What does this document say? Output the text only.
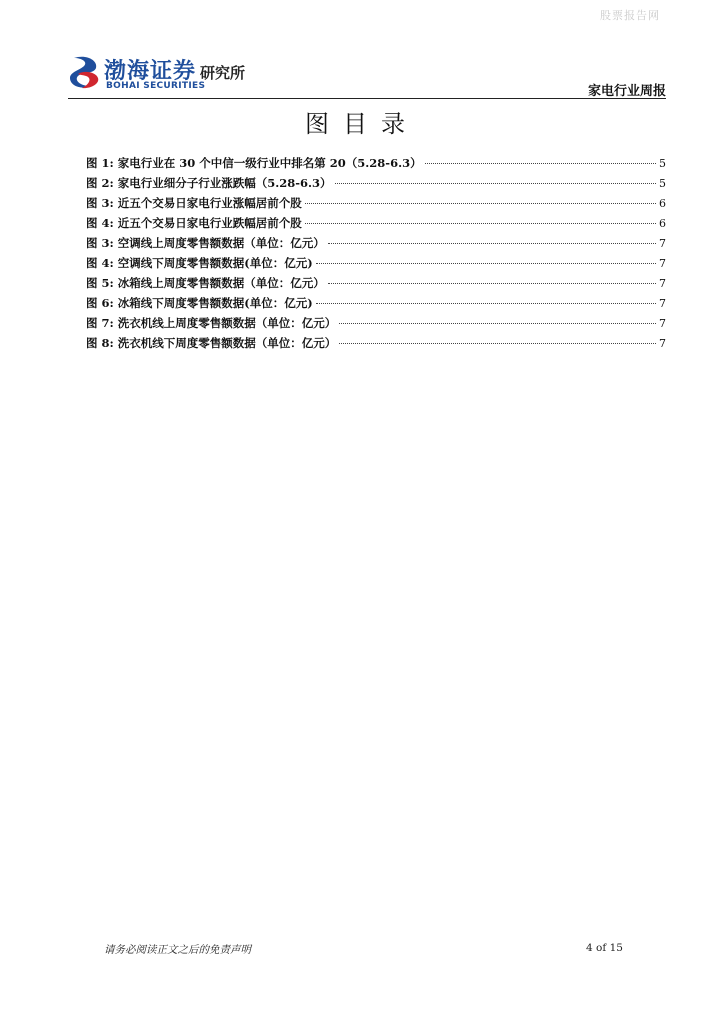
股票报告网
渤海证券
BOHAI SECURITIES
研究所
家电行业周报
图目录
图 1: 家电行业在 30 个中信一级行业中排名第 20（5.28-6.3）	5
图 2: 家电行业细分子行业涨跌幅（5.28-6.3）	5
图 3: 近五个交易日家电行业涨幅居前个股	6
图 4: 近五个交易日家电行业跌幅居前个股	6
图 3: 空调线上周度零售额数据（单位：亿元）	7
图 4: 空调线下周度零售额数据(单位：亿元)	7
图 5: 冰箱线上周度零售额数据（单位：亿元）	7
图 6: 冰箱线下周度零售额数据(单位：亿元)	7
图 7: 洗衣机线上周度零售额数据（单位：亿元）	7
图 8: 洗衣机线下周度零售额数据（单位：亿元）	7
请务必阅读正文之后的免责声明	4 of 15
